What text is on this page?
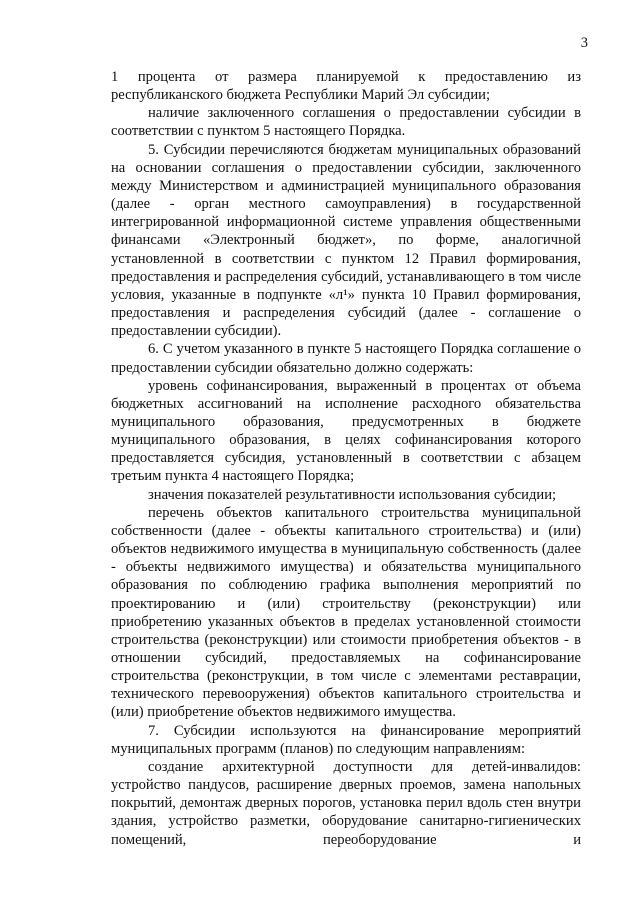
3

1 процента от размера планируемой к предоставлению из республиканского бюджета Республики Марий Эл субсидии;

наличие заключенного соглашения о предоставлении субсидии в соответствии с пунктом 5 настоящего Порядка.

5. Субсидии перечисляются бюджетам муниципальных образований на основании соглашения о предоставлении субсидии, заключенного между Министерством и администрацией муниципального образования (далее - орган местного самоуправления) в государственной интегрированной информационной системе управления общественными финансами «Электронный бюджет», по форме, аналогичной установленной в соответствии с пунктом 12 Правил формирования, предоставления и распределения субсидий, устанавливающего в том числе условия, указанные в подпункте «л¹» пункта 10 Правил формирования, предоставления и распределения субсидий (далее - соглашение о предоставлении субсидии).

6. С учетом указанного в пункте 5 настоящего Порядка соглашение о предоставлении субсидии обязательно должно содержать:

уровень софинансирования, выраженный в процентах от объема бюджетных ассигнований на исполнение расходного обязательства муниципального образования, предусмотренных в бюджете муниципального образования, в целях софинансирования которого предоставляется субсидия, установленный в соответствии с абзацем третьим пункта 4 настоящего Порядка;

значения показателей результативности использования субсидии;

перечень объектов капитального строительства муниципальной собственности (далее - объекты капитального строительства) и (или) объектов недвижимого имущества в муниципальную собственность (далее - объекты недвижимого имущества) и обязательства муниципального образования по соблюдению графика выполнения мероприятий по проектированию и (или) строительству (реконструкции) или приобретению указанных объектов в пределах установленной стоимости строительства (реконструкции) или стоимости приобретения объектов - в отношении субсидий, предоставляемых на софинансирование строительства (реконструкции, в том числе с элементами реставрации, технического перевооружения) объектов капитального строительства и (или) приобретение объектов недвижимого имущества.

7. Субсидии используются на финансирование мероприятий муниципальных программ (планов) по следующим направлениям:

создание архитектурной доступности для детей-инвалидов: устройство пандусов, расширение дверных проемов, замена напольных покрытий, демонтаж дверных порогов, установка перил вдоль стен внутри здания, устройство разметки, оборудование санитарно-гигиенических помещений, переоборудование и
